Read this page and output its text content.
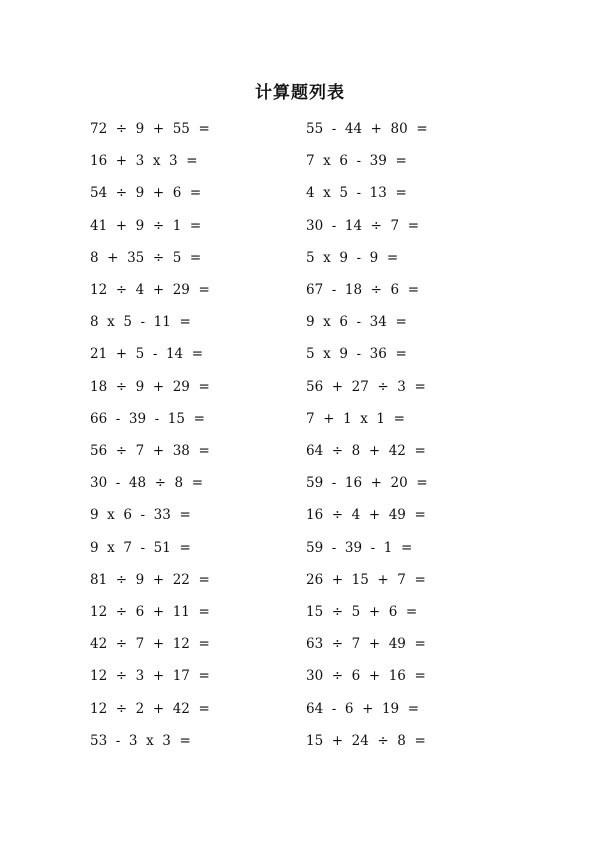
计算题列表
72  ÷  9  +  55  =
16  +  3  x  3  =
54  ÷  9  +  6  =
41  +  9  ÷  1  =
8  +  35  ÷  5  =
12  ÷  4  +  29  =
8  x  5  -  11  =
21  +  5  -  14  =
18  ÷  9  +  29  =
66  -  39  -  15  =
56  ÷  7  +  38  =
30  -  48  ÷  8  =
9  x  6  -  33  =
9  x  7  -  51  =
81  ÷  9  +  22  =
12  ÷  6  +  11  =
42  ÷  7  +  12  =
12  ÷  3  +  17  =
12  ÷  2  +  42  =
53  -  3  x  3  =
55  -  44  +  80  =
7  x  6  -  39  =
4  x  5  -  13  =
30  -  14  ÷  7  =
5  x  9  -  9  =
67  -  18  ÷  6  =
9  x  6  -  34  =
5  x  9  -  36  =
56  +  27  ÷  3  =
7  +  1  x  1  =
64  ÷  8  +  42  =
59  -  16  +  20  =
16  ÷  4  +  49  =
59  -  39  -  1  =
26  +  15  +  7  =
15  ÷  5  +  6  =
63  ÷  7  +  49  =
30  ÷  6  +  16  =
64  -  6  +  19  =
15  +  24  ÷  8  =
